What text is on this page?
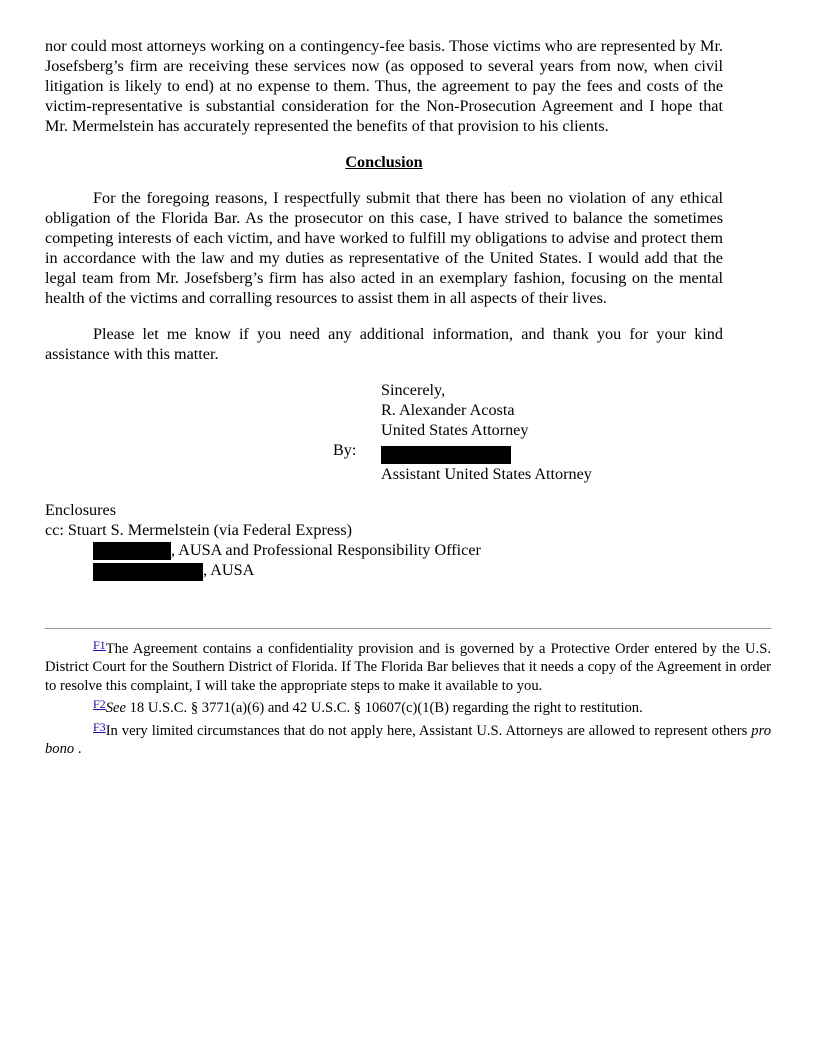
nor could most attorneys working on a contingency-fee basis. Those victims who are represented by Mr. Josefsberg’s firm are receiving these services now (as opposed to several years from now, when civil litigation is likely to end) at no expense to them. Thus, the agreement to pay the fees and costs of the victim-representative is substantial consideration for the Non-Prosecution Agreement and I hope that Mr. Mermelstein has accurately represented the benefits of that provision to his clients.

Conclusion

For the foregoing reasons, I respectfully submit that there has been no violation of any ethical obligation of the Florida Bar. As the prosecutor on this case, I have strived to balance the sometimes competing interests of each victim, and have worked to fulfill my obligations to advise and protect them in accordance with the law and my duties as representative of the United States. I would add that the legal team from Mr. Josefsberg’s firm has also acted in an exemplary fashion, focusing on the mental health of the victims and corralling resources to assist them in all aspects of their lives.

Please let me know if you need any additional information, and thank you for your kind assistance with this matter.

Sincerely,
R. Alexander Acosta
United States Attorney
By:
Assistant United States Attorney
Enclosures
cc: Stuart S. Mermelstein (via Federal Express)
, AUSA and Professional Responsibility Officer
, AUSA

$^{F1}$The Agreement contains a confidentiality provision and is governed by a Protective Order entered by the U.S. District Court for the Southern District of Florida. If The Florida Bar believes that it needs a copy of the Agreement in order to resolve this complaint, I will take the appropriate steps to make it available to you.

$^{F2}$See 18 U.S.C. § 3771(a)(6) and 42 U.S.C. § 10607(c)(1(B) regarding the right to restitution.

$^{F3}$In very limited circumstances that do not apply here, Assistant U.S. Attorneys are allowed to represent others pro bono .
